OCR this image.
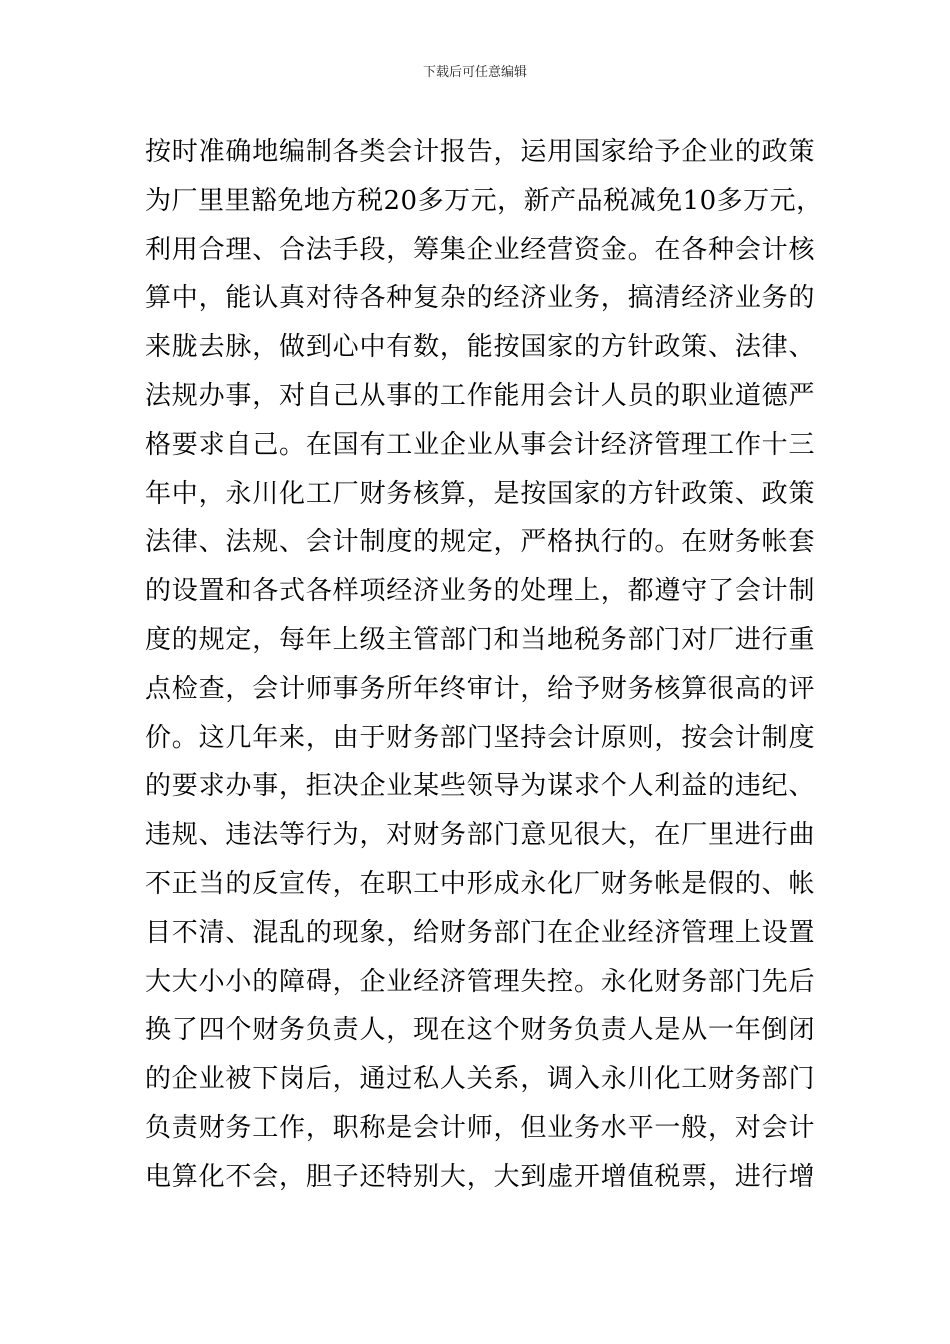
下载后可任意编辑
按时准确地编制各类会计报告，运用国家给予企业的政策
为厂里里豁免地方税20多万元，新产品税减免10多万元，
利用合理、合法手段，筹集企业经营资金。在各种会计核
算中，能认真对待各种复杂的经济业务，搞清经济业务的
来胧去脉，做到心中有数，能按国家的方针政策、法律、
法规办事，对自己从事的工作能用会计人员的职业道德严
格要求自己。在国有工业企业从事会计经济管理工作十三
年中，永川化工厂财务核算，是按国家的方针政策、政策
法律、法规、会计制度的规定，严格执行的。在财务帐套
的设置和各式各样项经济业务的处理上，都遵守了会计制
度的规定，每年上级主管部门和当地税务部门对厂进行重
点检查，会计师事务所年终审计，给予财务核算很高的评
价。这几年来，由于财务部门坚持会计原则，按会计制度
的要求办事，拒决企业某些领导为谋求个人利益的违纪、
违规、违法等行为，对财务部门意见很大，在厂里进行曲
不正当的反宣传，在职工中形成永化厂财务帐是假的、帐
目不清、混乱的现象，给财务部门在企业经济管理上设置
大大小小的障碍，企业经济管理失控。永化财务部门先后
换了四个财务负责人，现在这个财务负责人是从一年倒闭
的企业被下岗后，通过私人关系，调入永川化工财务部门
负责财务工作，职称是会计师，但业务水平一般，对会计
电算化不会，胆子还特别大，大到虚开增值税票，进行增
